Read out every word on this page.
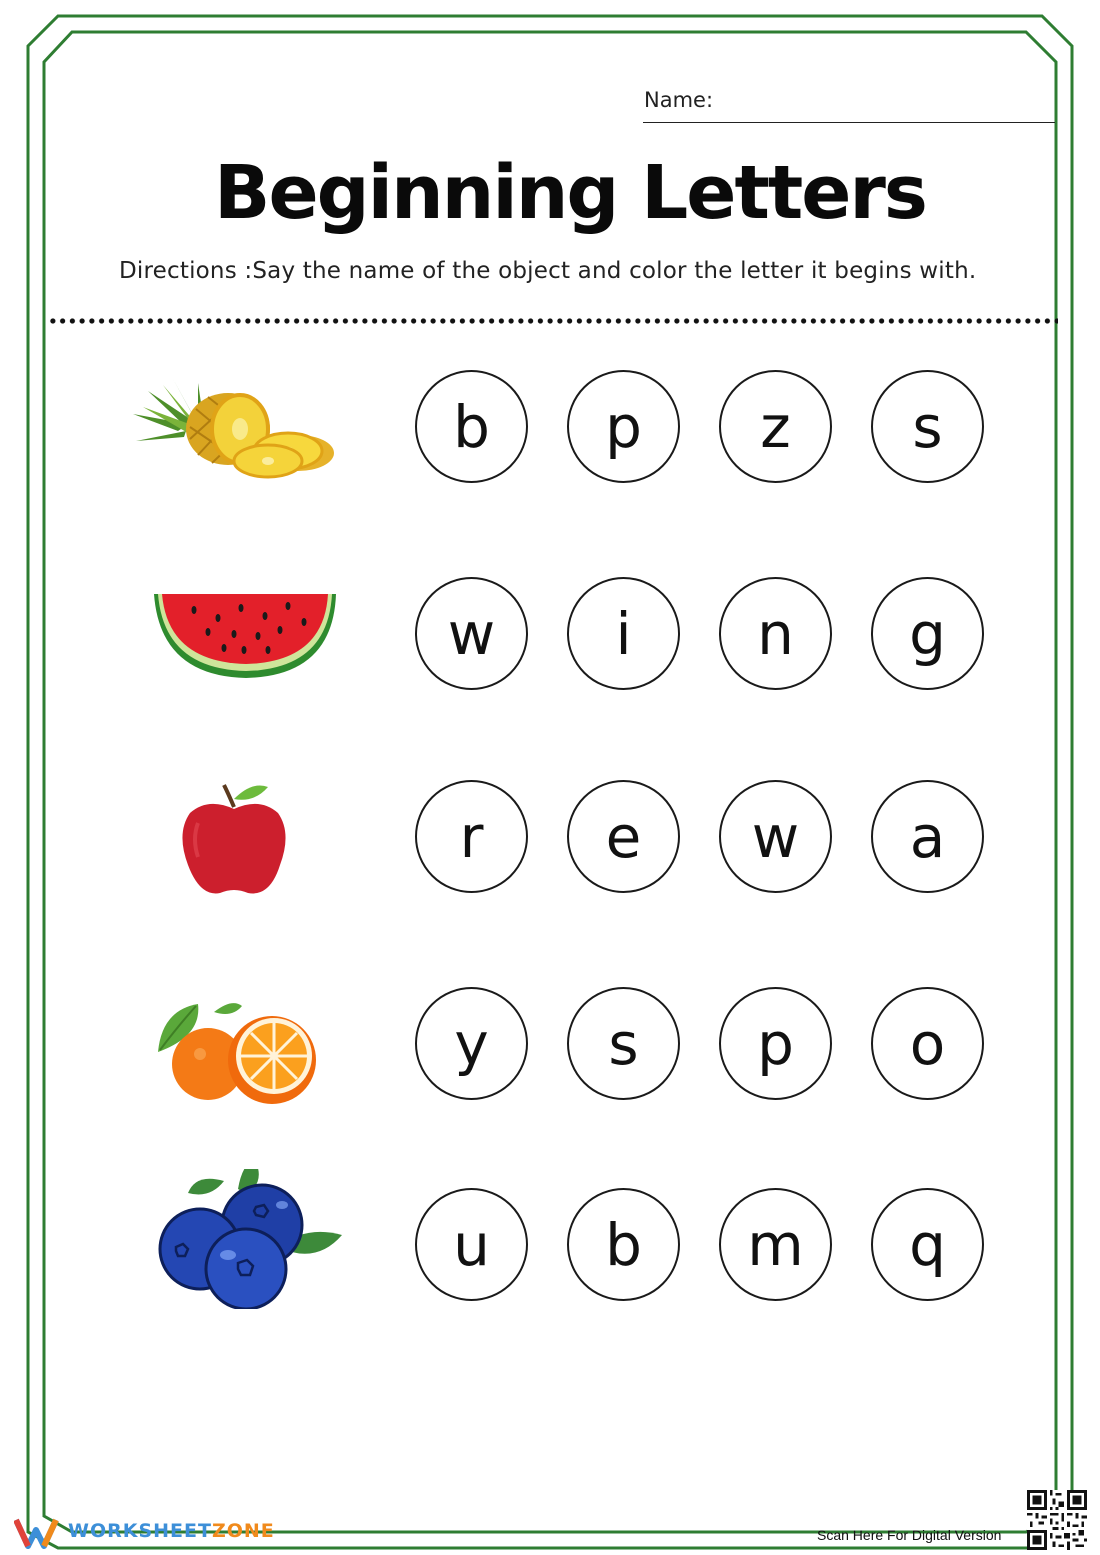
Name:
Beginning Letters
Directions :Say the name of the object and color the letter it begins with.
b	p	z	s
w	i	n	g
r	e	w	a
y	s	p	o
u	b	m	q
WORKSHEETZONE	Scan Here For Digital Version
